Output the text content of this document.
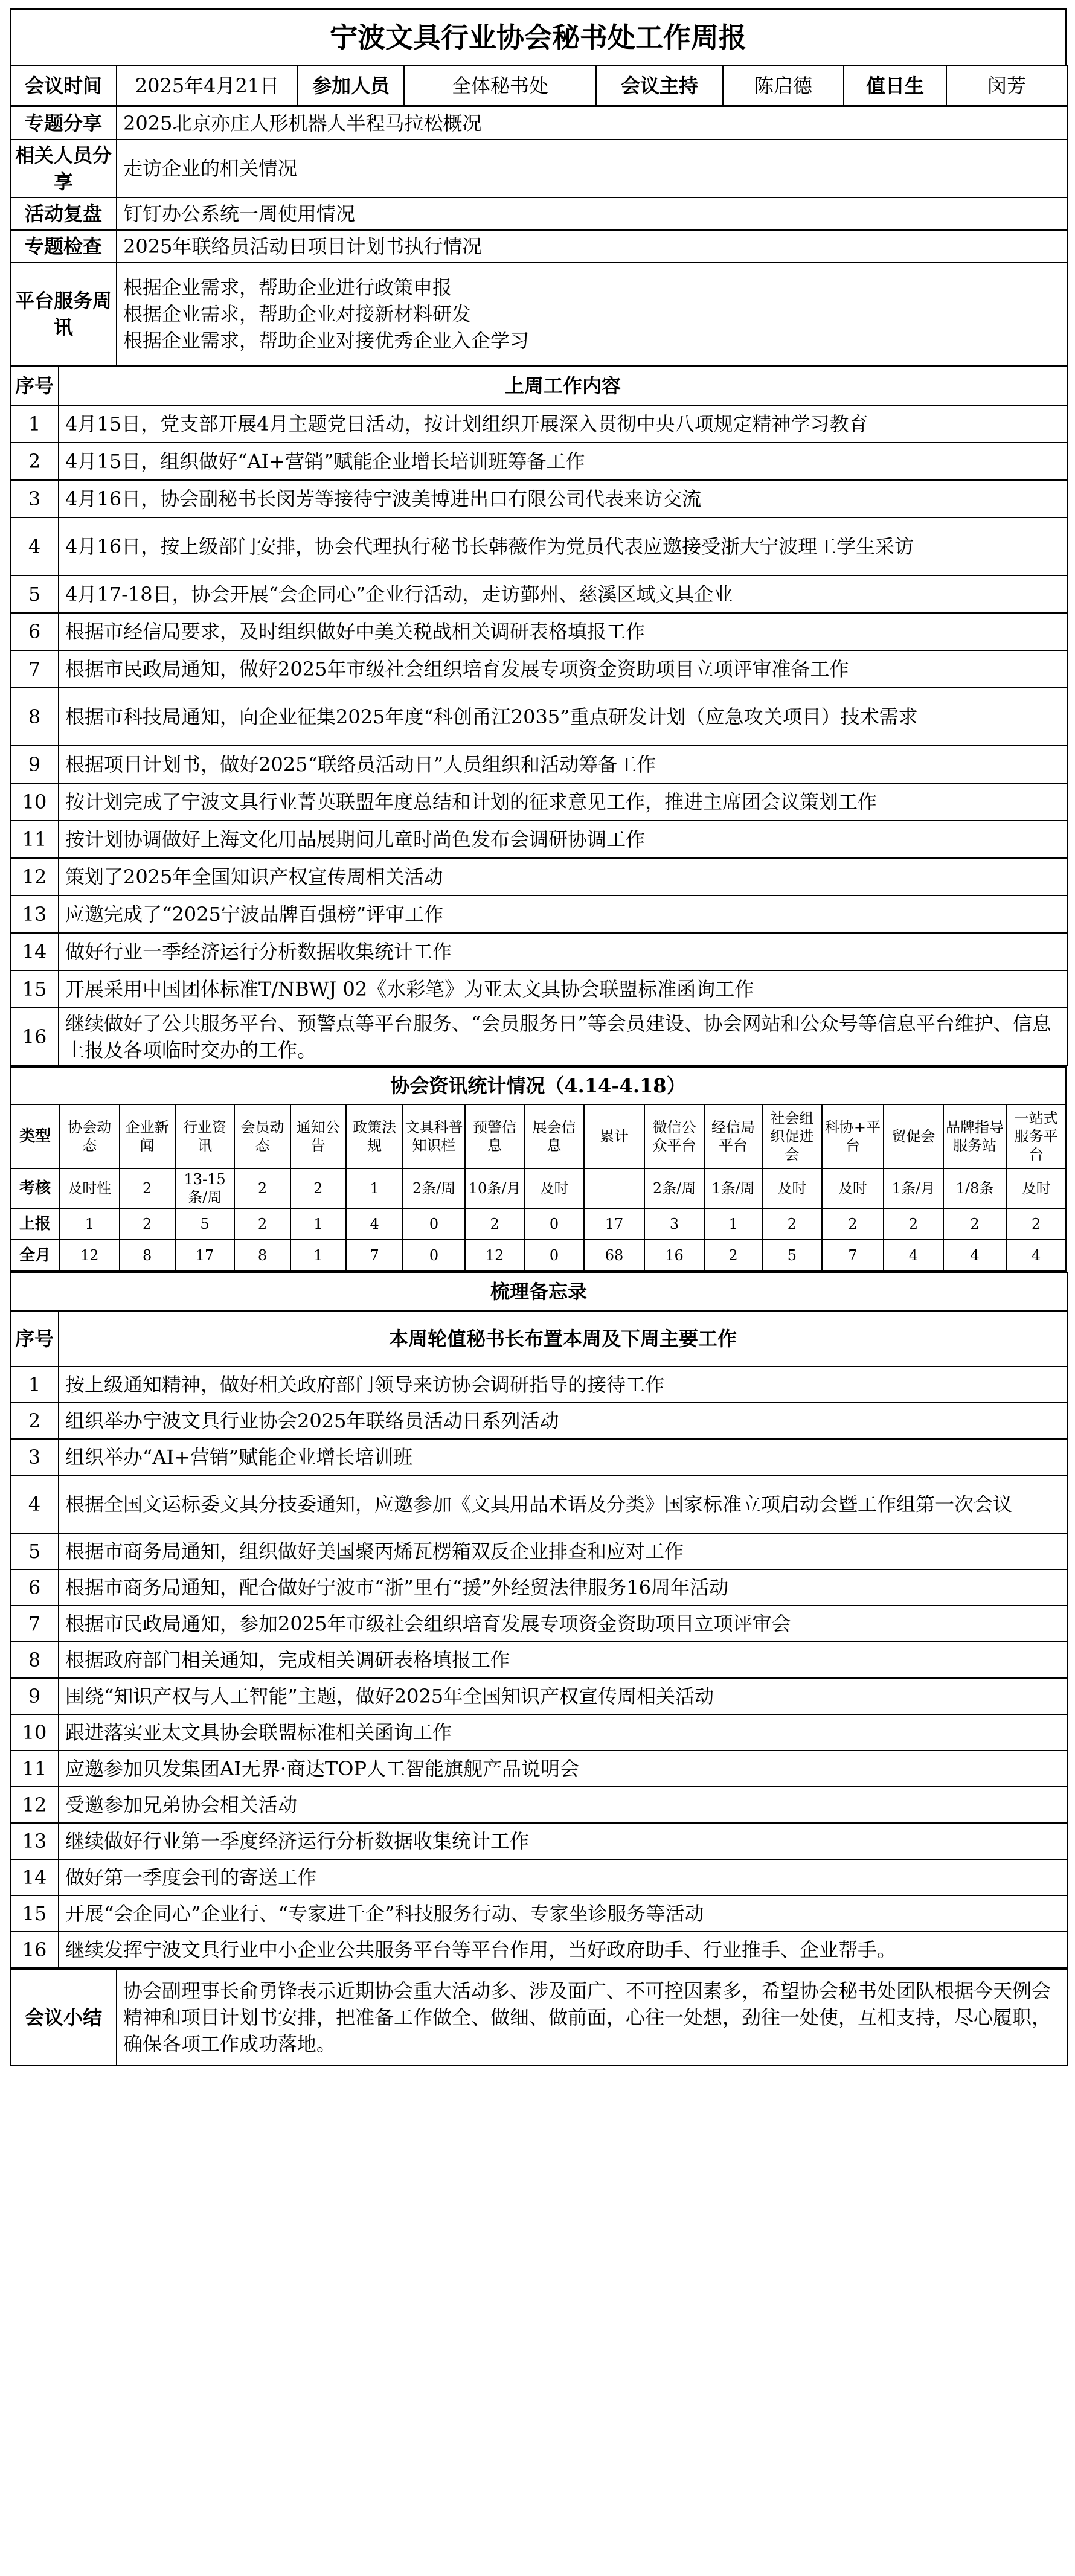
宁波文具行业协会秘书处工作周报
会议时间	2025年4月21日	参加人员	全体秘书处	会议主持	陈启德	值日生	闵芳
专题分享	2025北京亦庄人形机器人半程马拉松概况
相关人员分享	走访企业的相关情况
活动复盘	钉钉办公系统一周使用情况
专题检查	2025年联络员活动日项目计划书执行情况
平台服务周讯	根据企业需求，帮助企业进行政策申报
根据企业需求，帮助企业对接新材料研发
根据企业需求，帮助企业对接优秀企业入企学习
序号	上周工作内容
1	4月15日，党支部开展4月主题党日活动，按计划组织开展深入贯彻中央八项规定精神学习教育
2	4月15日，组织做好“AI+营销”赋能企业增长培训班筹备工作
3	4月16日，协会副秘书长闵芳等接待宁波美博进出口有限公司代表来访交流
4	4月16日，按上级部门安排，协会代理执行秘书长韩薇作为党员代表应邀接受浙大宁波理工学生采访
5	4月17-18日，协会开展“会企同心”企业行活动，走访鄞州、慈溪区域文具企业
6	根据市经信局要求，及时组织做好中美关税战相关调研表格填报工作
7	根据市民政局通知，做好2025年市级社会组织培育发展专项资金资助项目立项评审准备工作
8	根据市科技局通知，向企业征集2025年度“科创甬江2035”重点研发计划（应急攻关项目）技术需求
9	根据项目计划书，做好2025“联络员活动日”人员组织和活动筹备工作
10	按计划完成了宁波文具行业菁英联盟年度总结和计划的征求意见工作，推进主席团会议策划工作
11	按计划协调做好上海文化用品展期间儿童时尚色发布会调研协调工作
12	策划了2025年全国知识产权宣传周相关活动
13	应邀完成了“2025宁波品牌百强榜”评审工作
14	做好行业一季经济运行分析数据收集统计工作
15	开展采用中国团体标准T/NBWJ 02《水彩笔》为亚太文具协会联盟标准函询工作
16	继续做好了公共服务平台、预警点等平台服务、“会员服务日”等会员建设、协会网站和公众号等信息平台维护、信息上报及各项临时交办的工作。
协会资讯统计情况（4.14-4.18）																	
类型	协会动态	企业新闻	行业资讯	会员动态	通知公告	政策法规	文具科普知识栏	预警信息	展会信息	累计	微信公众平台	经信局平台	社会组织促进会	科协+平台	贸促会	品牌指导服务站	一站式服务平台
考核	及时性	2	13-15条/周	2	2	1	2条/周	10条/月	及时		2条/周	1条/周	及时	及时	1条/月	1/8条	及时
上报	1	2	5	2	1	4	0	2	0	17	3	1	2	2	2	2	2
全月	12	8	17	8	1	7	0	12	0	68	16	2	5	7	4	4	4
梳理备忘录	
序号	本周轮值秘书长布置本周及下周主要工作
1	按上级通知精神，做好相关政府部门领导来访协会调研指导的接待工作
2	组织举办宁波文具行业协会2025年联络员活动日系列活动
3	组织举办“AI+营销”赋能企业增长培训班
4	根据全国文运标委文具分技委通知，应邀参加《文具用品术语及分类》国家标准立项启动会暨工作组第一次会议
5	根据市商务局通知，组织做好美国聚丙烯瓦楞箱双反企业排查和应对工作
6	根据市商务局通知，配合做好宁波市“浙”里有“援”外经贸法律服务16周年活动
7	根据市民政局通知，参加2025年市级社会组织培育发展专项资金资助项目立项评审会
8	根据政府部门相关通知，完成相关调研表格填报工作
9	围绕“知识产权与人工智能”主题，做好2025年全国知识产权宣传周相关活动
10	跟进落实亚太文具协会联盟标准相关函询工作
11	应邀参加贝发集团AI无界·商达TOP人工智能旗舰产品说明会
12	受邀参加兄弟协会相关活动
13	继续做好行业第一季度经济运行分析数据收集统计工作
14	做好第一季度会刊的寄送工作
15	开展“会企同心”企业行、“专家进千企”科技服务行动、专家坐诊服务等活动
16	继续发挥宁波文具行业中小企业公共服务平台等平台作用，当好政府助手、行业推手、企业帮手。
会议小结	协会副理事长俞勇锋表示近期协会重大活动多、涉及面广、不可控因素多，希望协会秘书处团队根据今天例会精神和项目计划书安排，把准备工作做全、做细、做前面，心往一处想，劲往一处使，互相支持，尽心履职，确保各项工作成功落地。
